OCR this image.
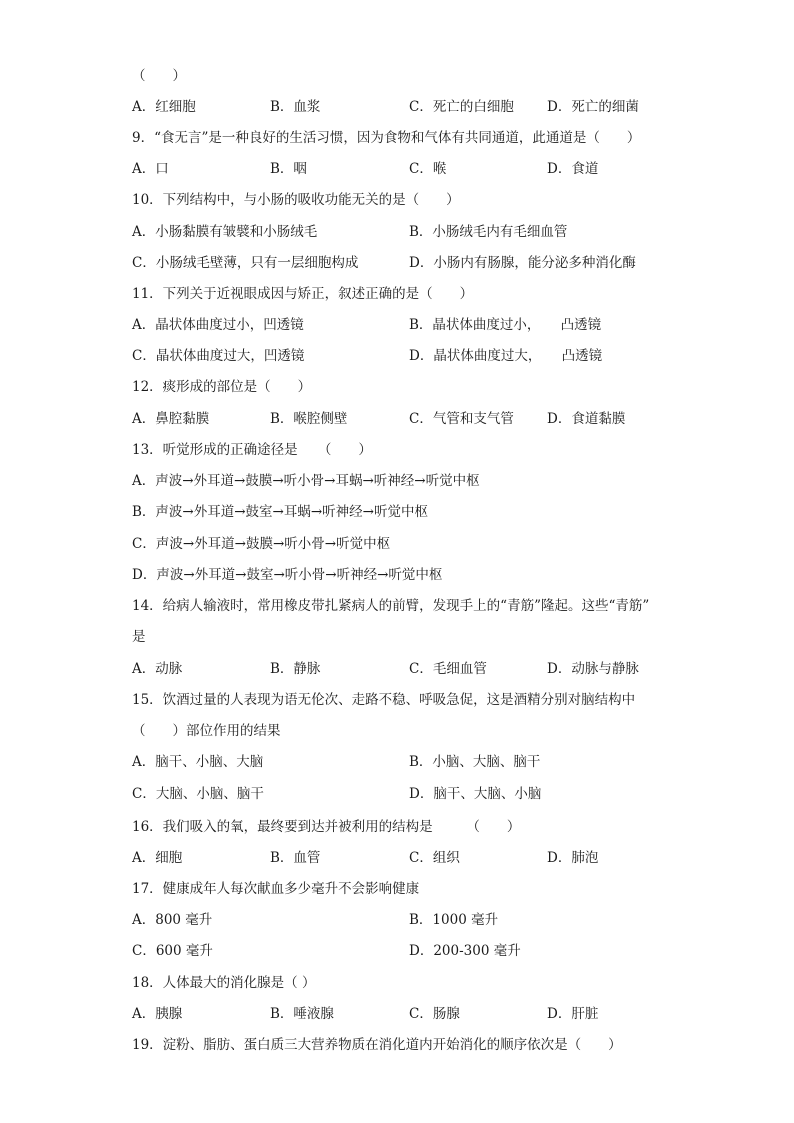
（　　）
A．红细胞	B．血浆	C．死亡的白细胞 D．死亡的细菌
9．“食无言”是一种良好的生活习惯，因为食物和气体有共同通道，此通道是（　　）
A．口	B．咽	C．喉	D．食道
10．下列结构中，与小肠的吸收功能无关的是（　　）
A．小肠黏膜有皱襞和小肠绒毛	B．小肠绒毛内有毛细血管
C．小肠绒毛壁薄，只有一层细胞构成	D．小肠内有肠腺，能分泌多种消化酶
11．下列关于近视眼成因与矫正，叙述正确的是（　　）
A．晶状体曲度过小，凹透镜	B．晶状体曲度过小，　　凸透镜
C．晶状体曲度过大，凹透镜	D．晶状体曲度过大，　　凸透镜
12．痰形成的部位是（　　）
A．鼻腔黏膜	B．喉腔侧壁	C．气管和支气管 D．食道黏膜
13．听觉形成的正确途径是　　（　　）
A．声波→外耳道→鼓膜→听小骨→耳蜗→听神经→听觉中枢
B．声波→外耳道→鼓室→耳蜗→听神经→听觉中枢
C．声波→外耳道→鼓膜→听小骨→听觉中枢
D．声波→外耳道→鼓室→听小骨→听神经→听觉中枢
14．给病人输液时，常用橡皮带扎紧病人的前臂，发现手上的“青筋”隆起。这些“青筋”
是
A．动脉	B．静脉	C．毛细血管	D．动脉与静脉
15．饮酒过量的人表现为语无伦次、走路不稳、呼吸急促，这是酒精分别对脑结构中
（　　）部位作用的结果
A．脑干、小脑、大脑	B．小脑、大脑、脑干
C．大脑、小脑、脑干	D．脑干、大脑、小脑
16．我们吸入的氧，最终要到达并被利用的结构是　　　（　　）
A．细胞	B．血管	C．组织	D．肺泡
17．健康成年人每次献血多少毫升不会影响健康
A．800 毫升	B．1000 毫升
C．600 毫升	D．200-300 毫升
18．人体最大的消化腺是（ ）
A．胰腺	B．唾液腺	C．肠腺	D．肝脏
19．淀粉、脂肪、蛋白质三大营养物质在消化道内开始消化的顺序依次是（　　）
